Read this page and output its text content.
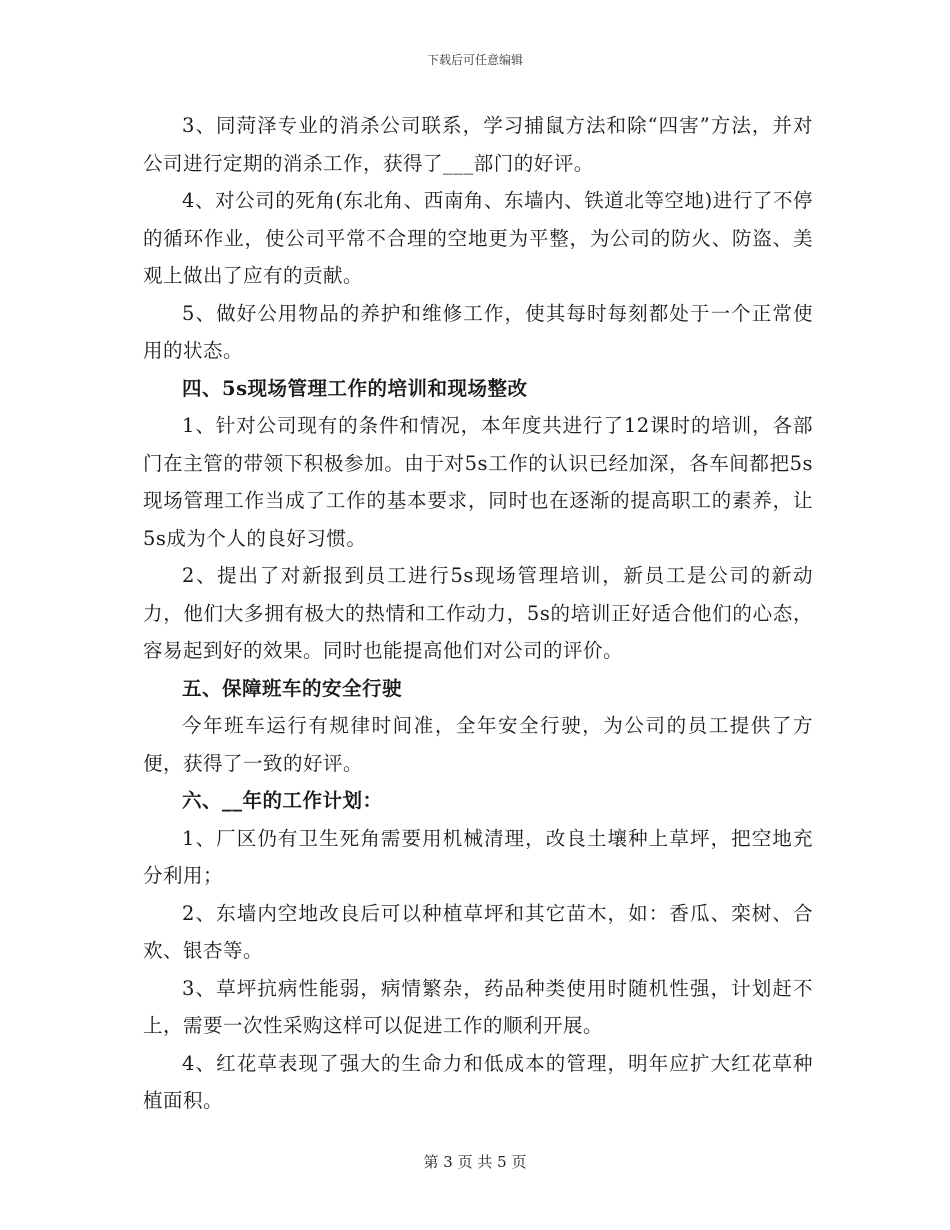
下载后可任意编辑

3、同菏泽专业的消杀公司联系，学习捕鼠方法和除“四害”方法，并对公司进行定期的消杀工作，获得了___部门的好评。

4、对公司的死角(东北角、西南角、东墙内、铁道北等空地)进行了不停的循环作业，使公司平常不合理的空地更为平整，为公司的防火、防盗、美观上做出了应有的贡献。

5、做好公用物品的养护和维修工作，使其每时每刻都处于一个正常使用的状态。

四、5s现场管理工作的培训和现场整改

1、针对公司现有的条件和情况，本年度共进行了12课时的培训，各部门在主管的带领下积极参加。由于对5s工作的认识已经加深，各车间都把5s现场管理工作当成了工作的基本要求，同时也在逐渐的提高职工的素养，让5s成为个人的良好习惯。

2、提出了对新报到员工进行5s现场管理培训，新员工是公司的新动力，他们大多拥有极大的热情和工作动力，5s的培训正好适合他们的心态，容易起到好的效果。同时也能提高他们对公司的评价。

五、保障班车的安全行驶

今年班车运行有规律时间准，全年安全行驶，为公司的员工提供了方便，获得了一致的好评。

六、__年的工作计划：

1、厂区仍有卫生死角需要用机械清理，改良土壤种上草坪，把空地充分利用；

2、东墙内空地改良后可以种植草坪和其它苗木，如：香瓜、栾树、合欢、银杏等。

3、草坪抗病性能弱，病情繁杂，药品种类使用时随机性强，计划赶不上，需要一次性采购这样可以促进工作的顺利开展。

4、红花草表现了强大的生命力和低成本的管理，明年应扩大红花草种植面积。

第 3 页 共 5 页
